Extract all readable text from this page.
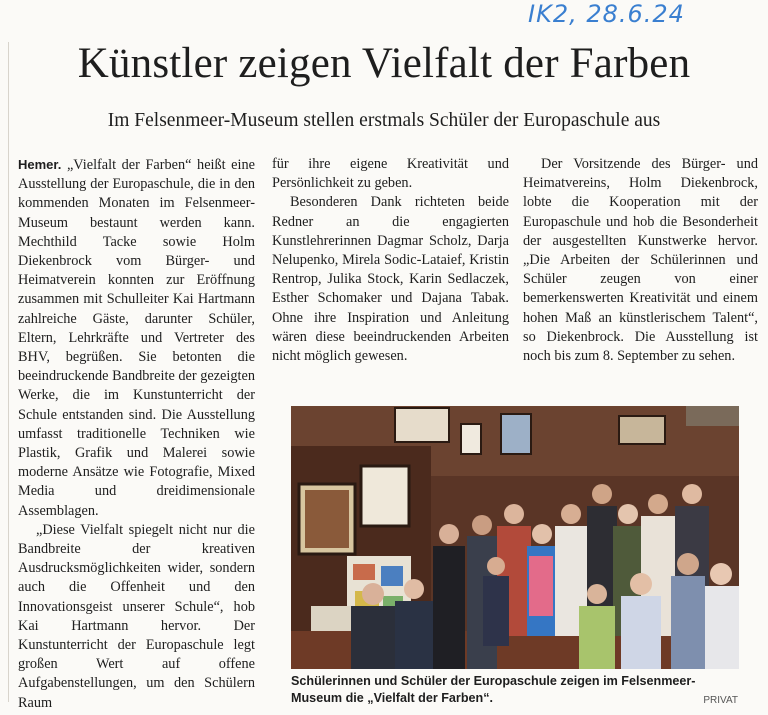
IK2, 28.6.24
Künstler zeigen Vielfalt der Farben
Im Felsenmeer-Museum stellen erstmals Schüler der Europaschule aus

Hemer. „Vielfalt der Farben“ heißt eine Ausstellung der Europaschule, die in den kommenden Monaten im Felsenmeer-Museum bestaunt werden kann. Mechthild Tacke sowie Holm Diekenbrock vom Bürger- und Heimatverein konnten zur Eröffnung zusammen mit Schulleiter Kai Hartmann zahlreiche Gäste, darunter Schüler, Eltern, Lehrkräfte und Vertreter des BHV, begrüßen. Sie betonten die beeindruckende Bandbreite der gezeigten Werke, die im Kunstunterricht der Schule entstanden sind. Die Ausstellung umfasst traditionelle Techniken wie Plastik, Grafik und Malerei sowie moderne Ansätze wie Fotografie, Mixed Media und dreidimensionale Assemblagen.

„Diese Vielfalt spiegelt nicht nur die Bandbreite der kreativen Ausdrucksmöglichkeiten wider, sondern auch die Offenheit und den Innovationsgeist unserer Schule“, hob Kai Hartmann hervor. Der Kunstunterricht der Europaschule legt großen Wert auf offene Aufgabenstellungen, um den Schülern Raum

für ihre eigene Kreativität und Persönlichkeit zu geben.

Besonderen Dank richteten beide Redner an die engagierten Kunstlehrerinnen Dagmar Scholz, Darja Nelupenko, Mirela Sodic-Lataief, Kristin Rentrop, Julika Stock, Karin Sedlaczek, Esther Schomaker und Dajana Tabak. Ohne ihre Inspiration und Anleitung wären diese beeindruckenden Arbeiten nicht möglich gewesen.

Der Vorsitzende des Bürger- und Heimatvereins, Holm Diekenbrock, lobte die Kooperation mit der Europaschule und hob die Besonderheit der ausgestellten Kunstwerke hervor. „Die Arbeiten der Schülerinnen und Schüler zeugen von einer bemerkenswerten Kreativität und einem hohen Maß an künstlerischem Talent“, so Diekenbrock. Die Ausstellung ist noch bis zum 8. September zu sehen.

Schülerinnen und Schüler der Europaschule zeigen im Felsenmeer-Museum die „Vielfalt der Farben“.	PRIVAT
